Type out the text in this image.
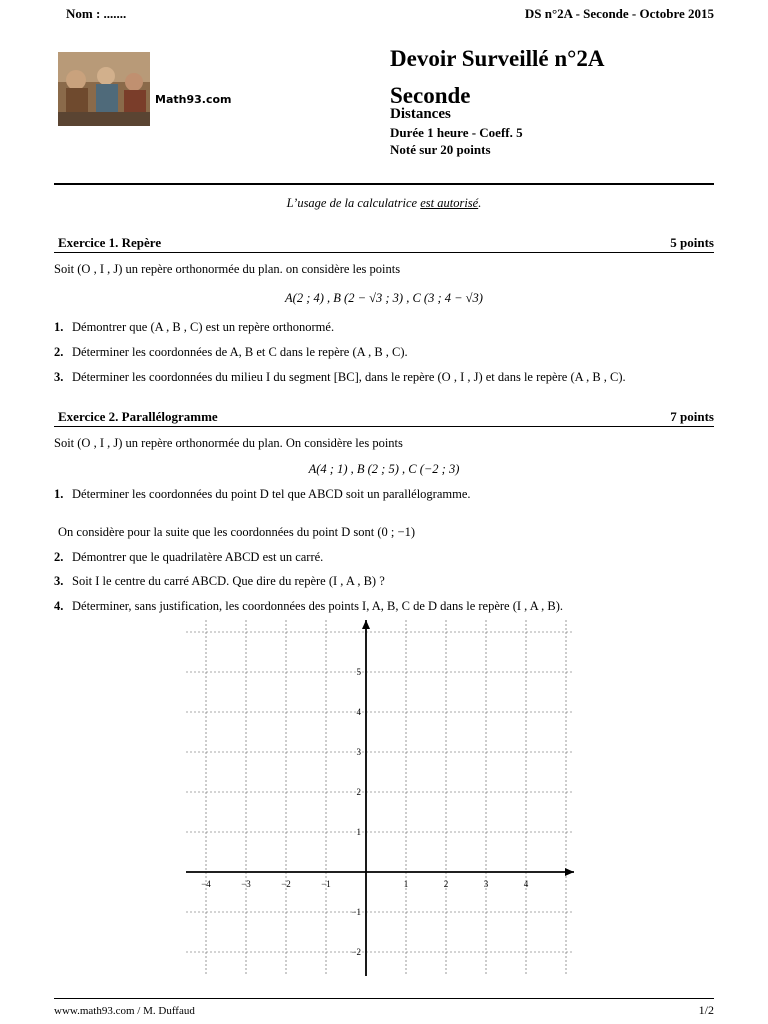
Nom : .......	DS n°2A - Seconde - Octobre 2015
Math93.com
Devoir Surveillé n°2A
Seconde
Distances
Durée 1 heure - Coeff. 5
Noté sur 20 points
L’usage de la calculatrice est autorisé.
Exercice 1. Repère	5 points
Soit (O , I , J) un repère orthonormée du plan. on considère les points
A(2 ; 4) , B (2 − √3 ; 3) , C (3 ; 4 − √3)
1. Démontrer que (A , B , C) est un repère orthonormé.
2. Déterminer les coordonnées de A, B et C dans le repère (A , B , C).
3. Déterminer les coordonnées du milieu I du segment [BC], dans le repère (O , I , J) et dans le repère (A , B , C).
Exercice 2. Parallélogramme	7 points
Soit (O , I , J) un repère orthonormée du plan. On considère les points
A(4 ; 1) , B (2 ; 5) , C (−2 ; 3)
1. Déterminer les coordonnées du point D tel que ABCD soit un parallélogramme.
On considère pour la suite que les coordonnées du point D sont (0 ; −1)
2. Démontrer que le quadrilatère ABCD est un carré.
3. Soit I le centre du carré ABCD. Que dire du repère (I , A , B) ?
4. Déterminer, sans justification, les coordonnées des points I, A, B, C de D dans le repère (I , A , B).
−4	−3	−2	−1	1	2	3	4
5
4
3
2
1
−1
−2
www.math93.com / M. Duffaud	1/2
